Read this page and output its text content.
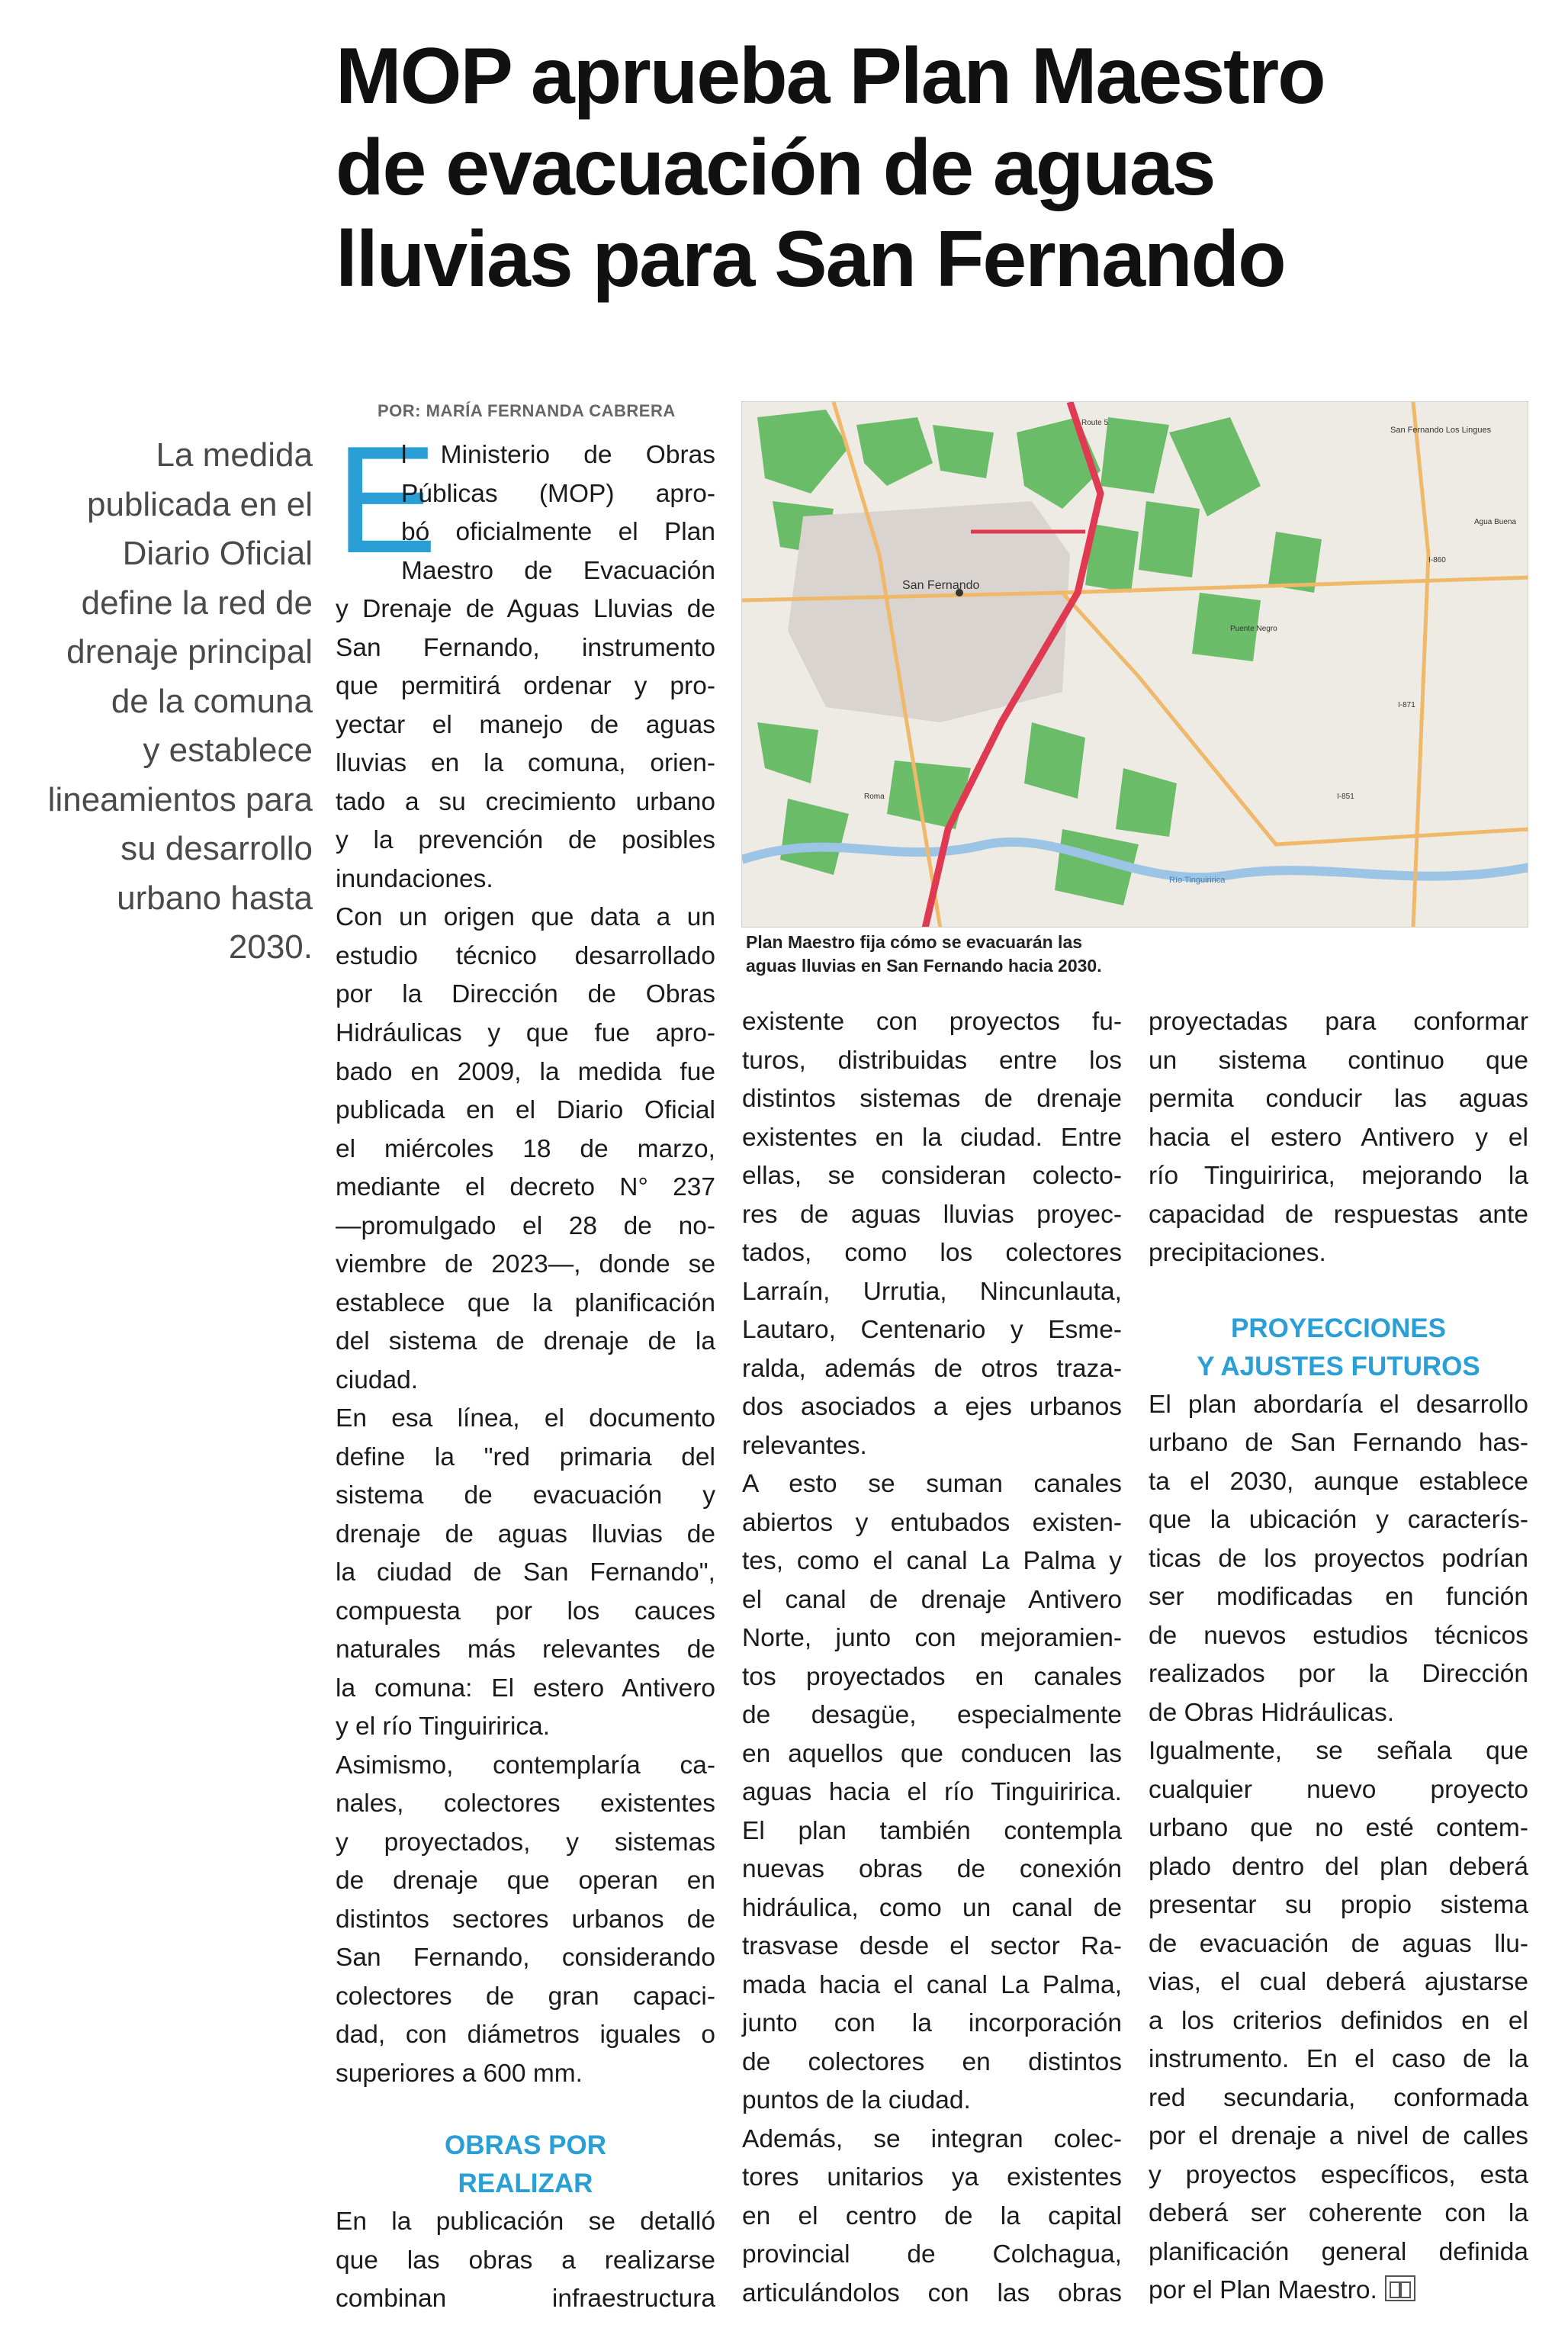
MOP aprueba Plan Maestro
de evacuación de aguas
lluvias para San Fernando
La medida
publicada en el
Diario Oficial
define la red de
drenaje principal
de la comuna
y establece
lineamientos para
su desarrollo
urbano hasta
2030.
POR: MARÍA FERNANDA CABRERA
E
l Ministerio de Obras
Públicas (MOP) apro-
bó oficialmente el Plan
Maestro de Evacuación
y Drenaje de Aguas Lluvias de
San Fernando, instrumento
que permitirá ordenar y pro-
yectar el manejo de aguas
lluvias en la comuna, orien-
tado a su crecimiento urbano
y la prevención de posibles
inundaciones.
Con un origen que data a un
estudio técnico desarrollado
por la Dirección de Obras
Hidráulicas y que fue apro-
bado en 2009, la medida fue
publicada en el Diario Oficial
el miércoles 18 de marzo,
mediante el decreto N° 237
—promulgado el 28 de no-
viembre de 2023—, donde se
establece que la planificación
del sistema de drenaje de la
ciudad.
En esa línea, el documento
define la "red primaria del
sistema de evacuación y
drenaje de aguas lluvias de
la ciudad de San Fernando",
compuesta por los cauces
naturales más relevantes de
la comuna: El estero Antivero
y el río Tinguiririca.
Asimismo, contemplaría ca-
nales, colectores existentes
y proyectados, y sistemas
de drenaje que operan en
distintos sectores urbanos de
San Fernando, considerando
colectores de gran capaci-
dad, con diámetros iguales o
superiores a 600 mm.
OBRAS POR
REALIZAR
En la publicación se detalló
que las obras a realizarse
combinan infraestructura
existente con proyectos fu-
turos, distribuidas entre los
distintos sistemas de drenaje
existentes en la ciudad. Entre
ellas, se consideran colecto-
res de aguas lluvias proyec-
tados, como los colectores
Larraín, Urrutia, Nincunlauta,
Lautaro, Centenario y Esme-
ralda, además de otros traza-
dos asociados a ejes urbanos
relevantes.
A esto se suman canales
abiertos y entubados existen-
tes, como el canal La Palma y
el canal de drenaje Antivero
Norte, junto con mejoramien-
tos proyectados en canales
de desagüe, especialmente
en aquellos que conducen las
aguas hacia el río Tinguiririca.
El plan también contempla
nuevas obras de conexión
hidráulica, como un canal de
trasvase desde el sector Ra-
mada hacia el canal La Palma,
junto con la incorporación
de colectores en distintos
puntos de la ciudad.
Además, se integran colec-
tores unitarios ya existentes
en el centro de la capital
provincial de Colchagua,
articulándolos con las obras
proyectadas para conformar
un sistema continuo que
permita conducir las aguas
hacia el estero Antivero y el
río Tinguiririca, mejorando la
capacidad de respuestas ante
precipitaciones.
PROYECCIONES
Y AJUSTES FUTUROS
El plan abordaría el desarrollo
urbano de San Fernando has-
ta el 2030, aunque establece
que la ubicación y caracterís-
ticas de los proyectos podrían
ser modificadas en función
de nuevos estudios técnicos
realizados por la Dirección
de Obras Hidráulicas.
Igualmente, se señala que
cualquier nuevo proyecto
urbano que no esté contem-
plado dentro del plan deberá
presentar su propio sistema
de evacuación de aguas llu-
vias, el cual deberá ajustarse
a los criterios definidos en el
instrumento. En el caso de la
red secundaria, conformada
por el drenaje a nivel de calles
y proyectos específicos, esta
deberá ser coherente con la
planificación general definida
por el Plan Maestro.
San Fernando
San Fernando Los Lingues
I-860
I-851
I-871
Route 5
Río Tinguiririca
Agua Buena
Roma
Puente Negro
Plan Maestro fija cómo se evacuarán las
aguas lluvias en San Fernando hacia 2030.
